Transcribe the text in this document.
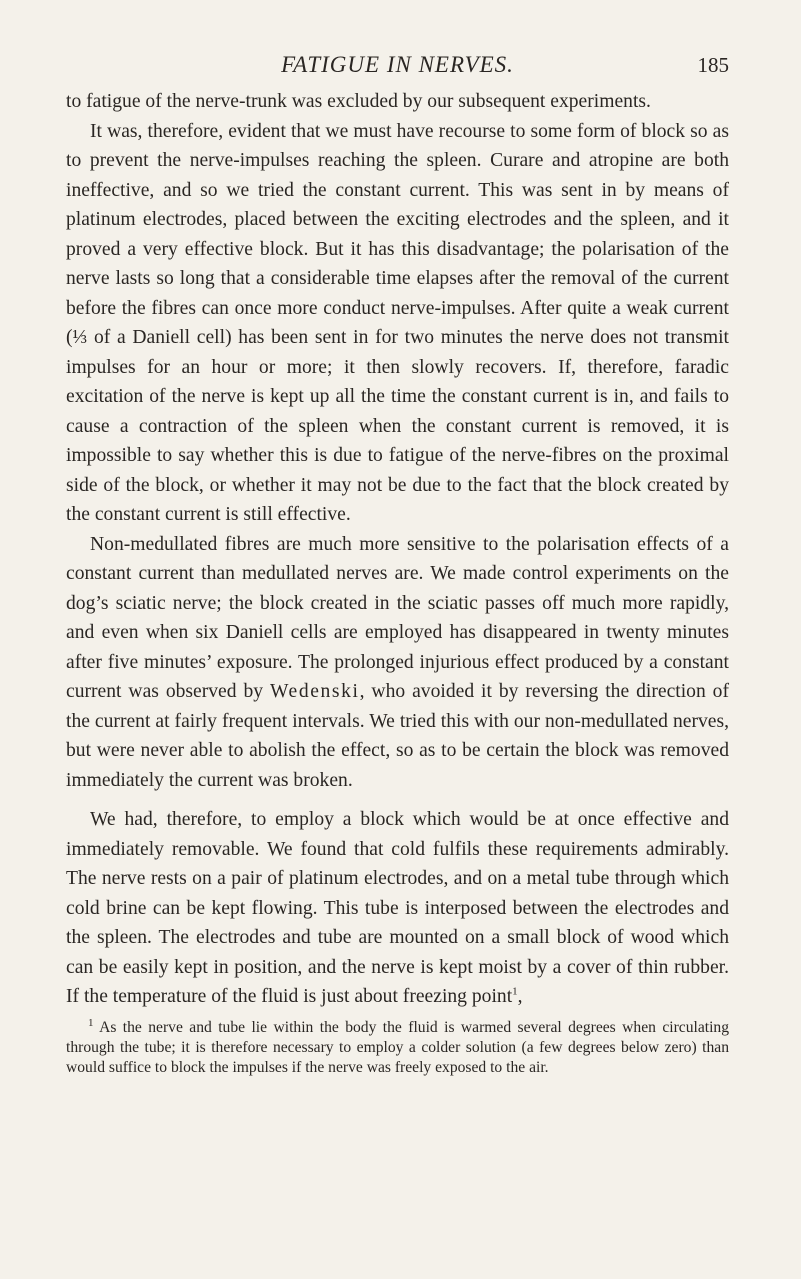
FATIGUE IN NERVES.	185

to fatigue of the nerve-trunk was excluded by our subsequent experiments.

It was, therefore, evident that we must have recourse to some form of block so as to prevent the nerve-impulses reaching the spleen. Curare and atropine are both ineffective, and so we tried the constant current. This was sent in by means of platinum electrodes, placed between the exciting electrodes and the spleen, and it proved a very effective block. But it has this disadvantage; the polarisation of the nerve lasts so long that a considerable time elapses after the removal of the current before the fibres can once more conduct nerve-impulses. After quite a weak current (⅓ of a Daniell cell) has been sent in for two minutes the nerve does not transmit impulses for an hour or more; it then slowly recovers. If, therefore, faradic excitation of the nerve is kept up all the time the constant current is in, and fails to cause a contraction of the spleen when the constant current is removed, it is impossible to say whether this is due to fatigue of the nerve-fibres on the proximal side of the block, or whether it may not be due to the fact that the block created by the constant current is still effective.

Non-medullated fibres are much more sensitive to the polarisation effects of a constant current than medullated nerves are. We made control experiments on the dog’s sciatic nerve; the block created in the sciatic passes off much more rapidly, and even when six Daniell cells are employed has disappeared in twenty minutes after five minutes’ exposure. The prolonged injurious effect produced by a constant current was observed by Wedenski, who avoided it by reversing the direction of the current at fairly frequent intervals. We tried this with our non-medullated nerves, but were never able to abolish the effect, so as to be certain the block was removed immediately the current was broken.

We had, therefore, to employ a block which would be at once effective and immediately removable. We found that cold fulfils these requirements admirably. The nerve rests on a pair of platinum electrodes, and on a metal tube through which cold brine can be kept flowing. This tube is interposed between the electrodes and the spleen. The electrodes and tube are mounted on a small block of wood which can be easily kept in position, and the nerve is kept moist by a cover of thin rubber. If the temperature of the fluid is just about freezing point$^1$,

$^1$ As the nerve and tube lie within the body the fluid is warmed several degrees when circulating through the tube; it is therefore necessary to employ a colder solution (a few degrees below zero) than would suffice to block the impulses if the nerve was freely exposed to the air.
